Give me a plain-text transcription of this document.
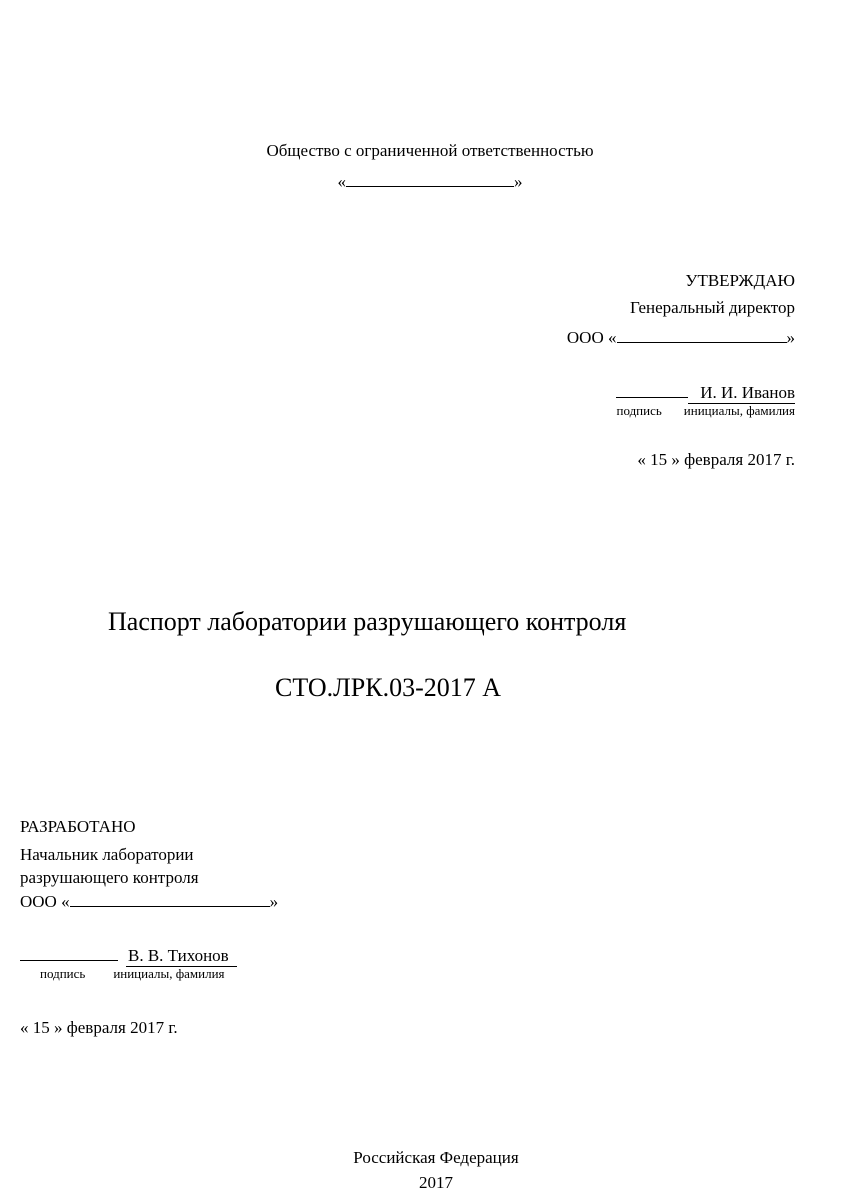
Общество с ограниченной ответственностью
«	»
УТВЕРЖДАЮ
Генеральный директор
ООО «	»
И. И. Иванов
подпись инициалы, фамилия
« 15 » февраля 2017 г.
Паспорт лаборатории разрушающего контроля
СТО.ЛРК.03-2017 А
РАЗРАБОТАНО
Начальник лаборатории
разрушающего контроля
ООО «	»
В. В. Тихонов
подпись инициалы, фамилия
« 15 » февраля 2017 г.
Российская Федерация
2017
